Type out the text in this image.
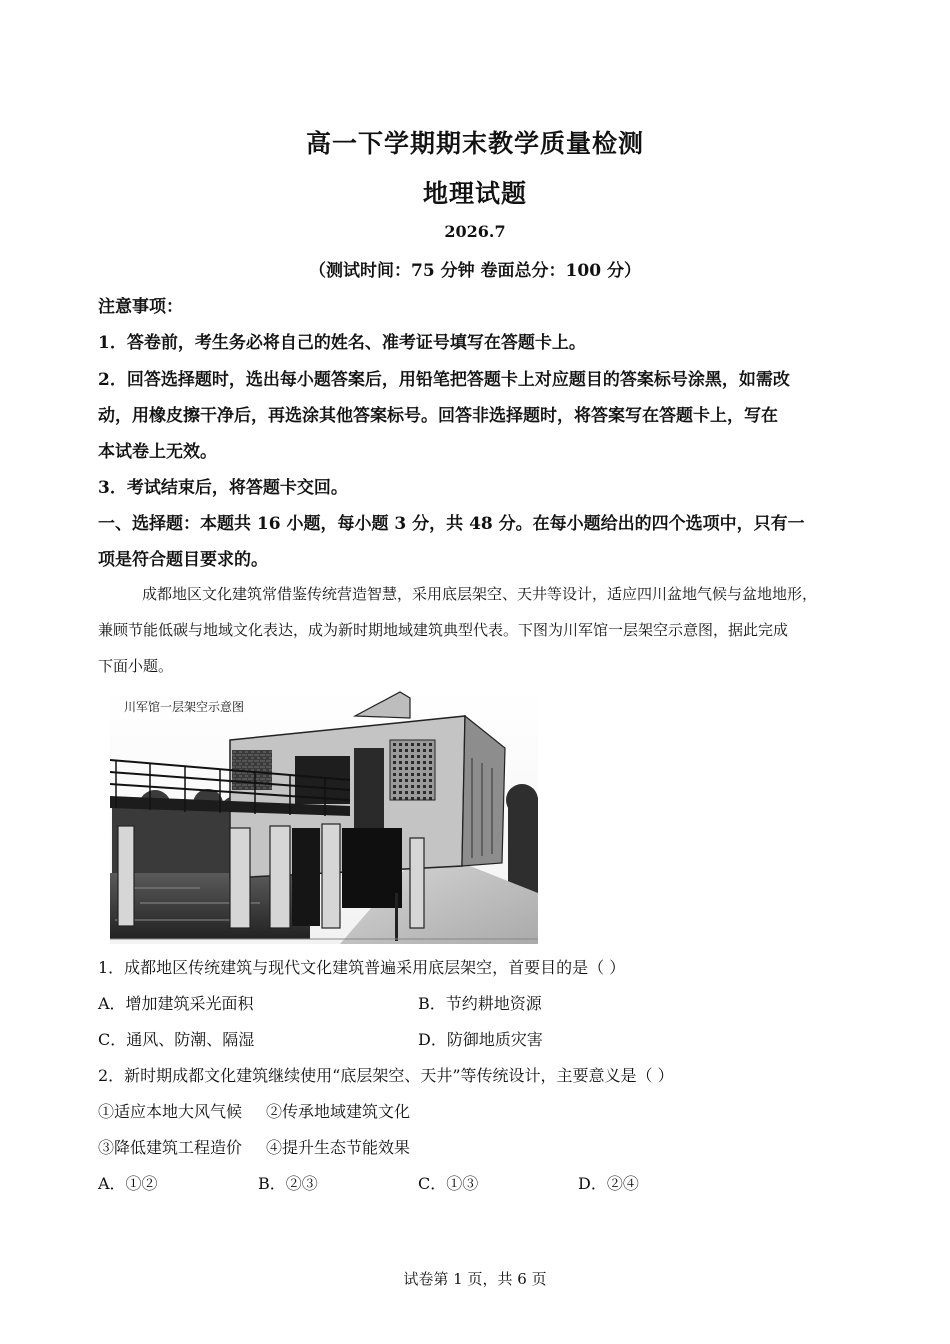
高一下学期期末教学质量检测
地理试题
2026.7
（测试时间：75 分钟 卷面总分：100 分）
注意事项：
1．答卷前，考生务必将自己的姓名、准考证号填写在答题卡上。
2．回答选择题时，选出每小题答案后，用铅笔把答题卡上对应题目的答案标号涂黑，如需改
动，用橡皮擦干净后，再选涂其他答案标号。回答非选择题时，将答案写在答题卡上，写在
本试卷上无效。
3．考试结束后，将答题卡交回。
一、选择题：本题共 16 小题，每小题 3 分，共 48 分。在每小题给出的四个选项中，只有一
项是符合题目要求的。
成都地区文化建筑常借鉴传统营造智慧，采用底层架空、天井等设计，适应四川盆地气候与盆地地形，
兼顾节能低碳与地域文化表达，成为新时期地域建筑典型代表。下图为川军馆一层架空示意图，据此完成
下面小题。
川军馆一层架空示意图
1．成都地区传统建筑与现代文化建筑普遍采用底层架空，首要目的是（ ）
A．增加建筑采光面积	B．节约耕地资源
C．通风、防潮、隔湿	D．防御地质灾害
2．新时期成都文化建筑继续使用“底层架空、天井”等传统设计，主要意义是（ ）
①适应本地大风气候 ②传承地域建筑文化
③降低建筑工程造价 ④提升生态节能效果
A．①②	B．②③	C．①③	D．②④
试卷第 1 页，共 6 页
